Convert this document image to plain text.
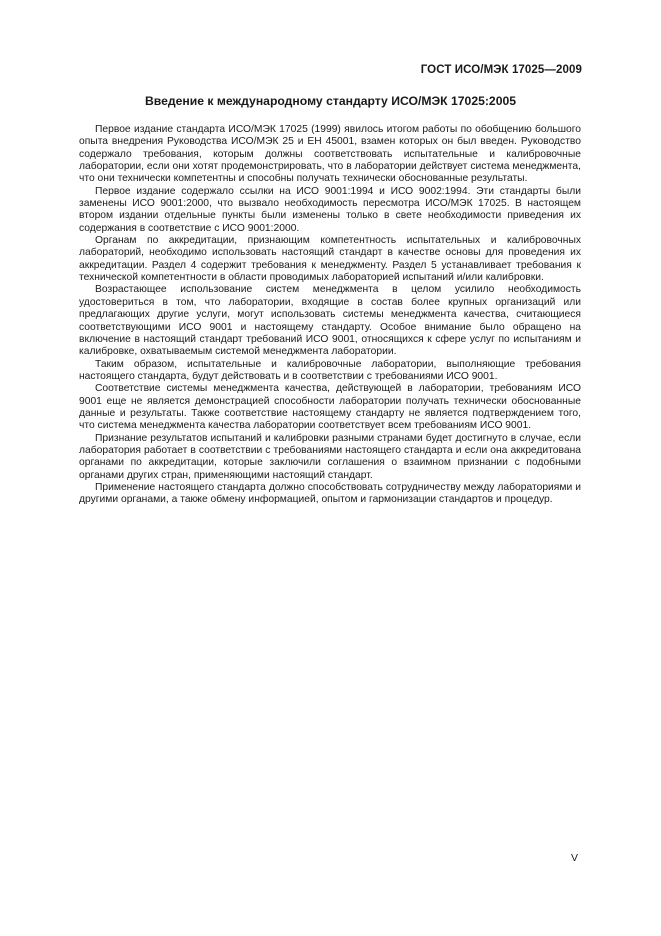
ГОСТ ИСО/МЭК 17025—2009
Введение к международному стандарту ИСО/МЭК 17025:2005

Первое издание стандарта ИСО/МЭК 17025 (1999) явилось итогом работы по обобщению большого опыта внедрения Руководства ИСО/МЭК 25 и ЕН 45001, взамен которых он был введен. Руководство содержало требования, которым должны соответствовать испытательные и калибровочные лаборатории, если они хотят продемонстрировать, что в лаборатории действует система менеджмента, что они технически компетентны и способны получать технически обоснованные результаты.

Первое издание содержало ссылки на ИСО 9001:1994 и ИСО 9002:1994. Эти стандарты были заменены ИСО 9001:2000, что вызвало необходимость пересмотра ИСО/МЭК 17025. В настоящем втором издании отдельные пункты были изменены только в свете необходимости приведения их содержания в соответствие с ИСО 9001:2000.

Органам по аккредитации, признающим компетентность испытательных и калибровочных лабораторий, необходимо использовать настоящий стандарт в качестве основы для проведения их аккредитации. Раздел 4 содержит требования к менеджменту. Раздел 5 устанавливает требования к технической компетентности в области проводимых лабораторией испытаний и/или калибровки.

Возрастающее использование систем менеджмента в целом усилило необходимость удостовериться в том, что лаборатории, входящие в состав более крупных организаций или предлагающих другие услуги, могут использовать системы менеджмента качества, считающиеся соответствующими ИСО 9001 и настоящему стандарту. Особое внимание было обращено на включение в настоящий стандарт требований ИСО 9001, относящихся к сфере услуг по испытаниям и калибровке, охватываемым системой менеджмента лаборатории.

Таким образом, испытательные и калибровочные лаборатории, выполняющие требования настоящего стандарта, будут действовать и в соответствии с требованиями ИСО 9001.

Соответствие системы менеджмента качества, действующей в лаборатории, требованиям ИСО 9001 еще не является демонстрацией способности лаборатории получать технически обоснованные данные и результаты. Также соответствие настоящему стандарту не является подтверждением того, что система менеджмента качества лаборатории соответствует всем требованиям ИСО 9001.

Признание результатов испытаний и калибровки разными странами будет достигнуто в случае, если лаборатория работает в соответствии с требованиями настоящего стандарта и если она аккредитована органами по аккредитации, которые заключили соглашения о взаимном признании с подобными органами других стран, применяющими настоящий стандарт.

Применение настоящего стандарта должно способствовать сотрудничеству между лабораториями и другими органами, а также обмену информацией, опытом и гармонизации стандартов и процедур.

V
